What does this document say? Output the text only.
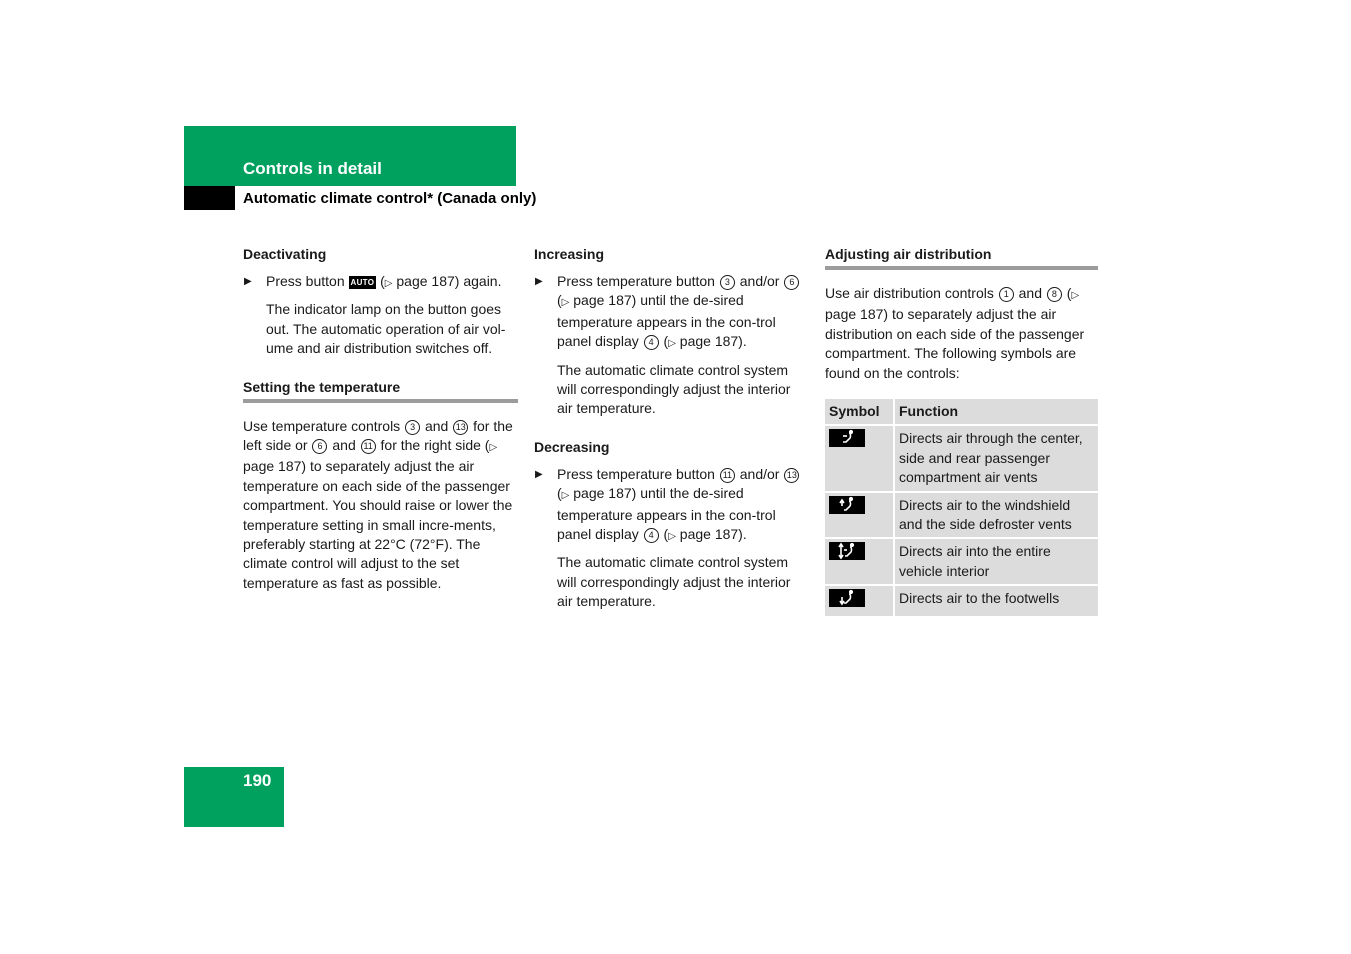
Controls in detail
Automatic climate control* (Canada only)
Deactivating

▶ Press button AUTO (▷ page 187) again.

The indicator lamp on the button goes out. The automatic operation of air vol-ume and air distribution switches off.

Setting the temperature

Use temperature controls 3 and 13 for the left side or 6 and 11 for the right side (▷ page 187) to separately adjust the air temperature on each side of the passenger compartment. You should raise or lower the temperature setting in small incre-ments, preferably starting at 22°C (72°F). The climate control will adjust to the set temperature as fast as possible.

Increasing

▶ Press temperature button 3 and/or 6 (▷ page 187) until the de-sired temperature appears in the con-trol panel display 4 (▷ page 187).

The automatic climate control system will correspondingly adjust the interior air temperature.

Decreasing

▶ Press temperature button 11 and/or 13 (▷ page 187) until the de-sired temperature appears in the con-trol panel display 4 (▷ page 187).

The automatic climate control system will correspondingly adjust the interior air temperature.

Adjusting air distribution

Use air distribution controls 1 and 8 (▷ page 187) to separately adjust the air distribution on each side of the passenger compartment. The following symbols are found on the controls:

Symbol	Function

	Directs air through the center, side and rear passenger compartment air vents

	Directs air to the windshield and the side defroster vents

	Directs air into the entire vehicle interior

	Directs air to the footwells
190
